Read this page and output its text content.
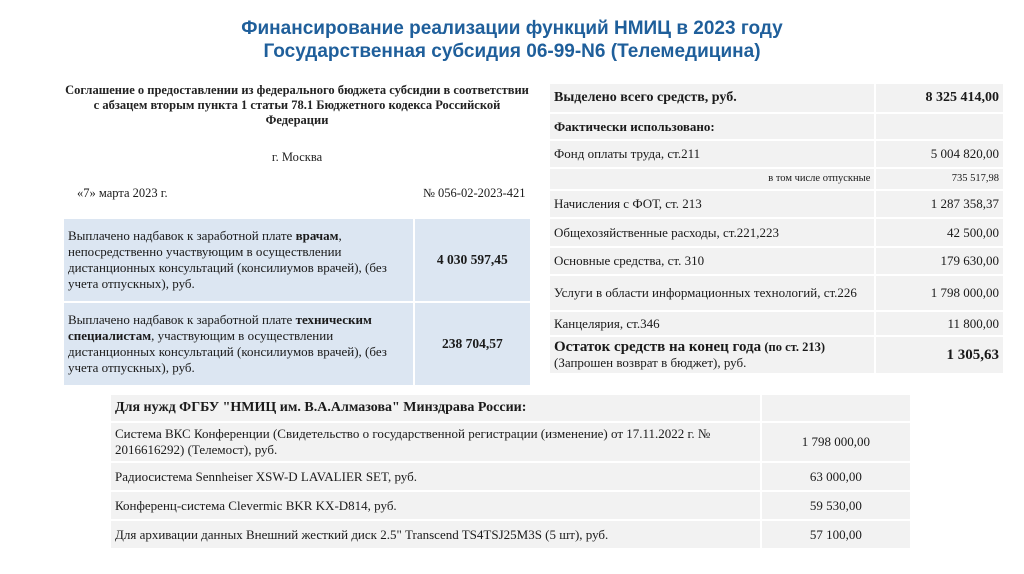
Финансирование реализации функций НМИЦ в 2023 году
Государственная субсидия 06-99-N6 (Телемедицина)
Соглашение о предоставлении из федерального бюджета субсидии в соответствии с абзацем вторым пункта 1 статьи 78.1 Бюджетного кодекса Российской Федерации
г. Москва
«7» марта 2023 г.	№ 056-02-2023-421
Выплачено надбавок к заработной плате врачам, непосредственно участвующим в осуществлении дистанционных консультаций (консилиумов врачей), (без учета отпускных), руб.	4 030 597,45
Выплачено надбавок к заработной плате техническим специалистам, участвующим в осуществлении дистанционных консультаций (консилиумов врачей), (без учета отпускных), руб.	238 704,57
Выделено всего средств, руб.	8 325 414,00
Фактически использовано:	
Фонд оплаты труда, ст.211	5 004 820,00
в том числе отпускные	735 517,98
Начисления с ФОТ, ст. 213	1 287 358,37
Общехозяйственные расходы, ст.221,223	42 500,00
Основные средства, ст. 310	179 630,00
Услуги в области информационных технологий, ст.226	1 798 000,00
Канцелярия, ст.346	11 800,00
Остаток средств на конец года (по ст. 213)
(Запрошен возврат в бюджет), руб.	1 305,63
Для нужд ФГБУ "НМИЦ им. В.А.Алмазова" Минздрава России:	
Система ВКС Конференции (Свидетельство о государственной регистрации (изменение) от 17.11.2022 г. № 2016616292) (Телемост), руб.	1 798 000,00
Радиосистема Sennheiser XSW-D LAVALIER SET, руб.	63 000,00
Конференц-система Clevermic BKR KX-D814, руб.	59 530,00
Для архивации данных Внешний жесткий диск 2.5" Transcend TS4TSJ25M3S (5 шт), руб.	57 100,00
